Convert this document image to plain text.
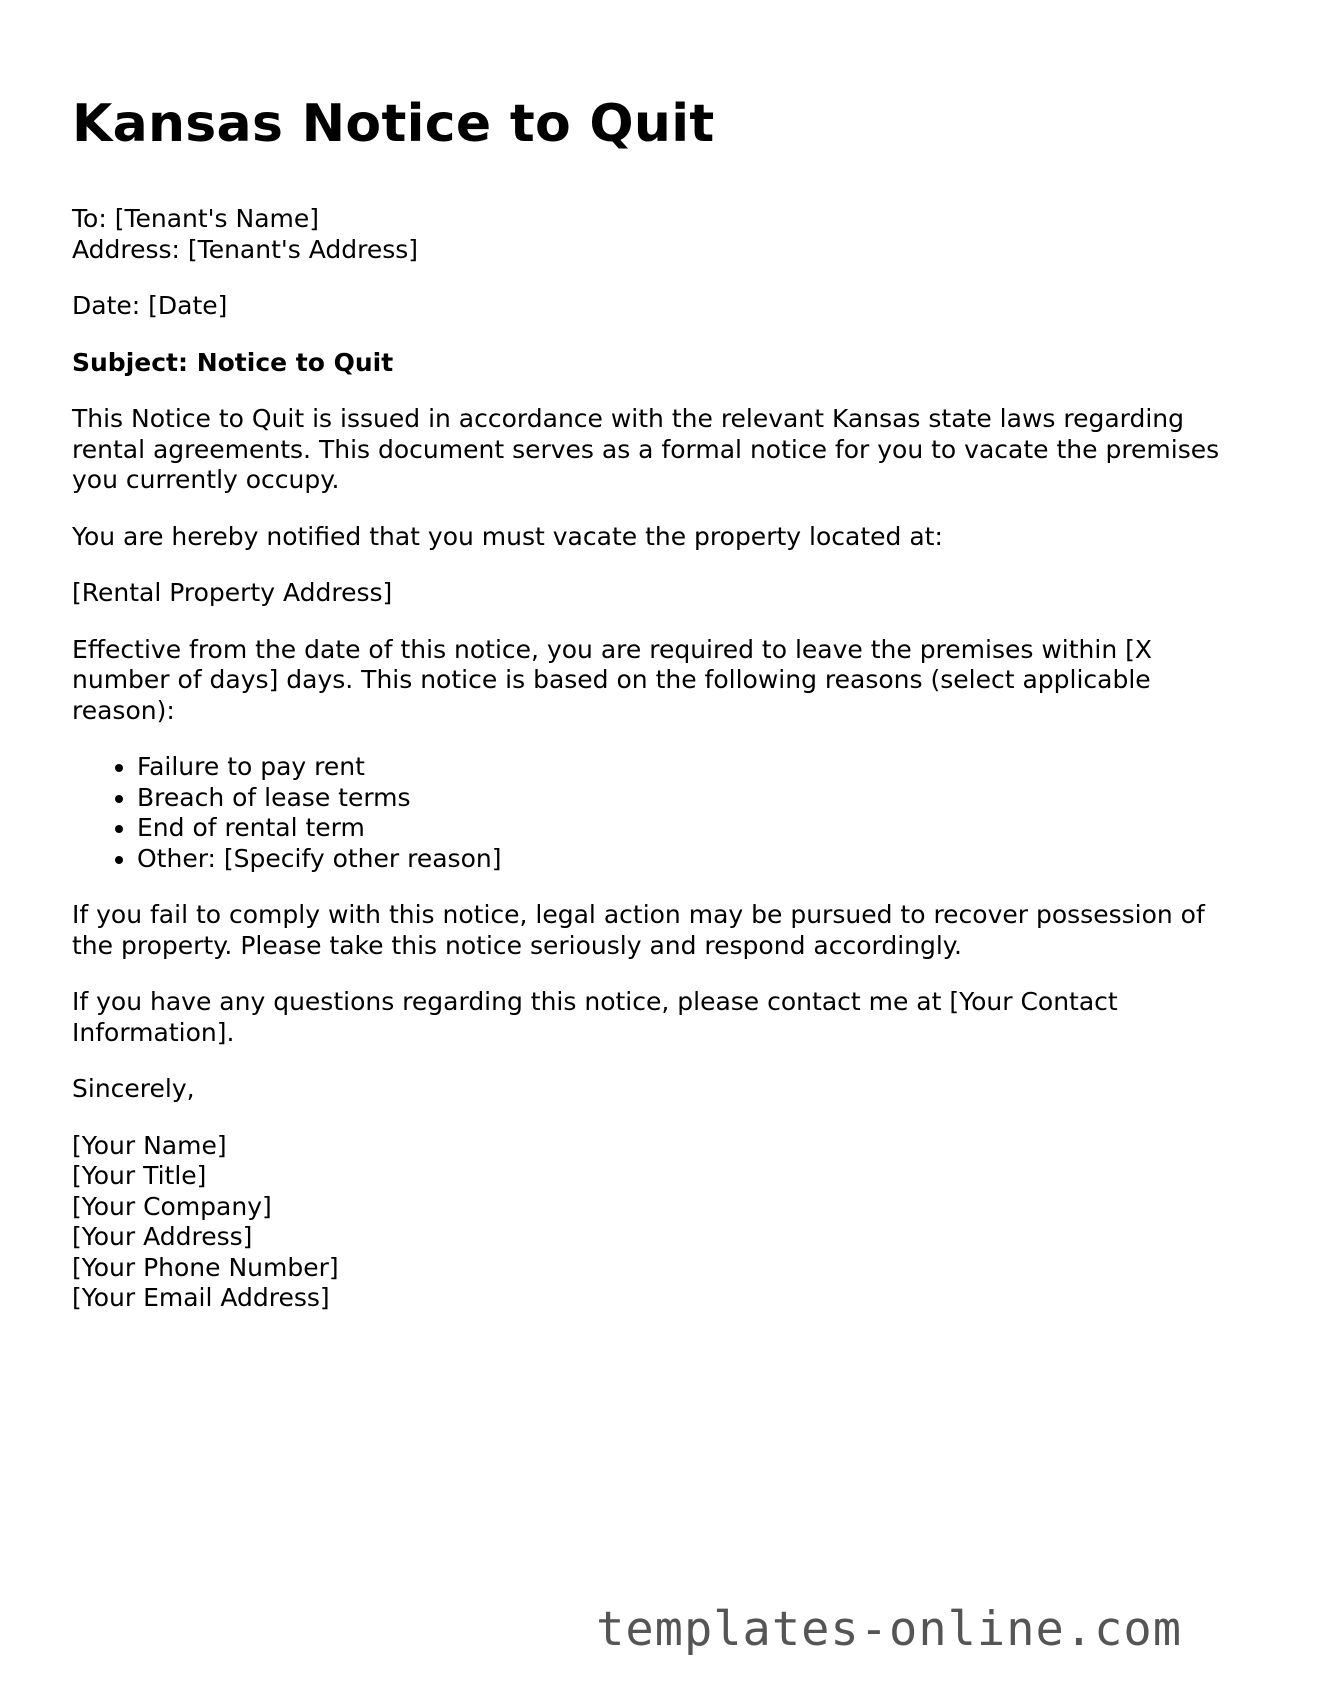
Kansas Notice to Quit

To: [Tenant's Name]
Address: [Tenant's Address]

Date: [Date]

Subject: Notice to Quit

This Notice to Quit is issued in accordance with the relevant Kansas state laws regarding rental agreements. This document serves as a formal notice for you to vacate the premises you currently occupy.

You are hereby notified that you must vacate the property located at:

[Rental Property Address]

Effective from the date of this notice, you are required to leave the premises within [X number of days] days. This notice is based on the following reasons (select applicable reason):

• Failure to pay rent
• Breach of lease terms
• End of rental term
• Other: [Specify other reason]

If you fail to comply with this notice, legal action may be pursued to recover possession of the property. Please take this notice seriously and respond accordingly.

If you have any questions regarding this notice, please contact me at [Your Contact Information].

Sincerely,

[Your Name]
[Your Title]
[Your Company]
[Your Address]
[Your Phone Number]
[Your Email Address]

templates-online.com
